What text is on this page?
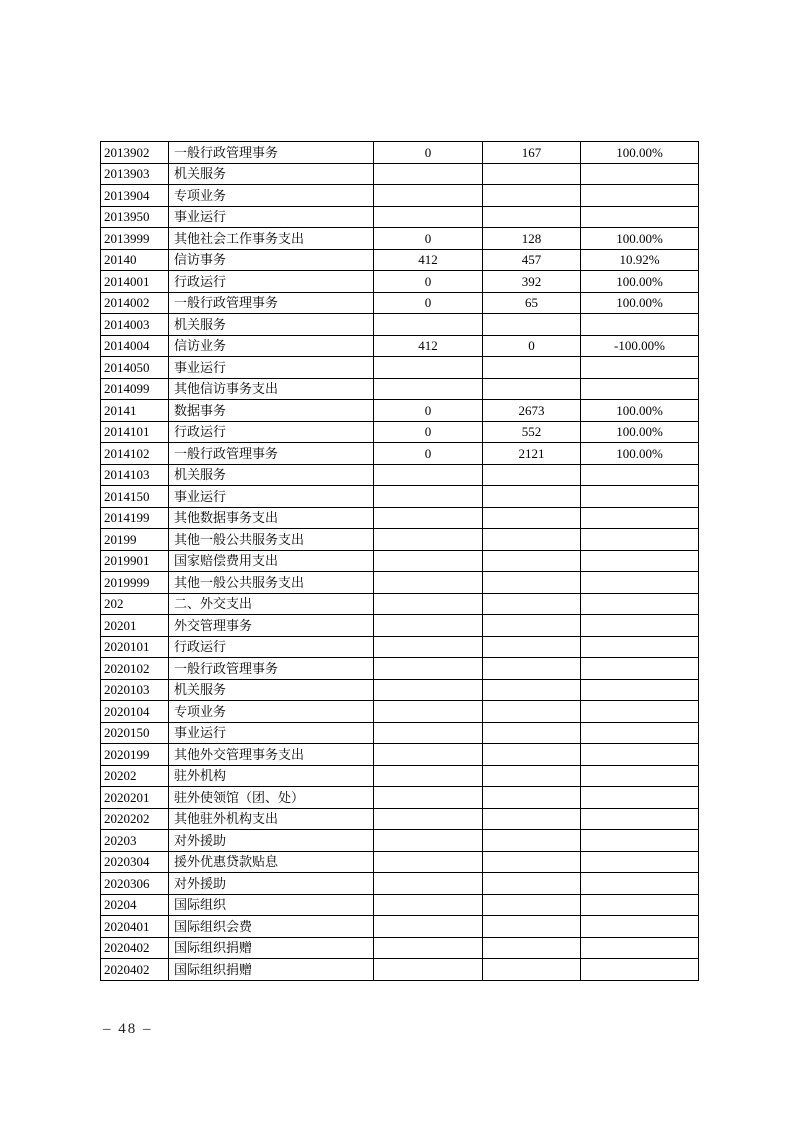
2013902	一般行政管理事务	0	167	100.00%
2013903	机关服务			
2013904	专项业务			
2013950	事业运行			
2013999	其他社会工作事务支出	0	128	100.00%
20140	信访事务	412	457	10.92%
2014001	行政运行	0	392	100.00%
2014002	一般行政管理事务	0	65	100.00%
2014003	机关服务			
2014004	信访业务	412	0	-100.00%
2014050	事业运行			
2014099	其他信访事务支出			
20141	数据事务	0	2673	100.00%
2014101	行政运行	0	552	100.00%
2014102	一般行政管理事务	0	2121	100.00%
2014103	机关服务			
2014150	事业运行			
2014199	其他数据事务支出			
20199	其他一般公共服务支出			
2019901	国家赔偿费用支出			
2019999	其他一般公共服务支出			
202	二、外交支出			
20201	外交管理事务			
2020101	行政运行			
2020102	一般行政管理事务			
2020103	机关服务			
2020104	专项业务			
2020150	事业运行			
2020199	其他外交管理事务支出			
20202	驻外机构			
2020201	驻外使领馆（团、处）			
2020202	其他驻外机构支出			
20203	对外援助			
2020304	援外优惠贷款贴息			
2020306	对外援助			
20204	国际组织			
2020401	国际组织会费			
2020402	国际组织捐赠			
2020402	国际组织捐赠			
– 48 –
